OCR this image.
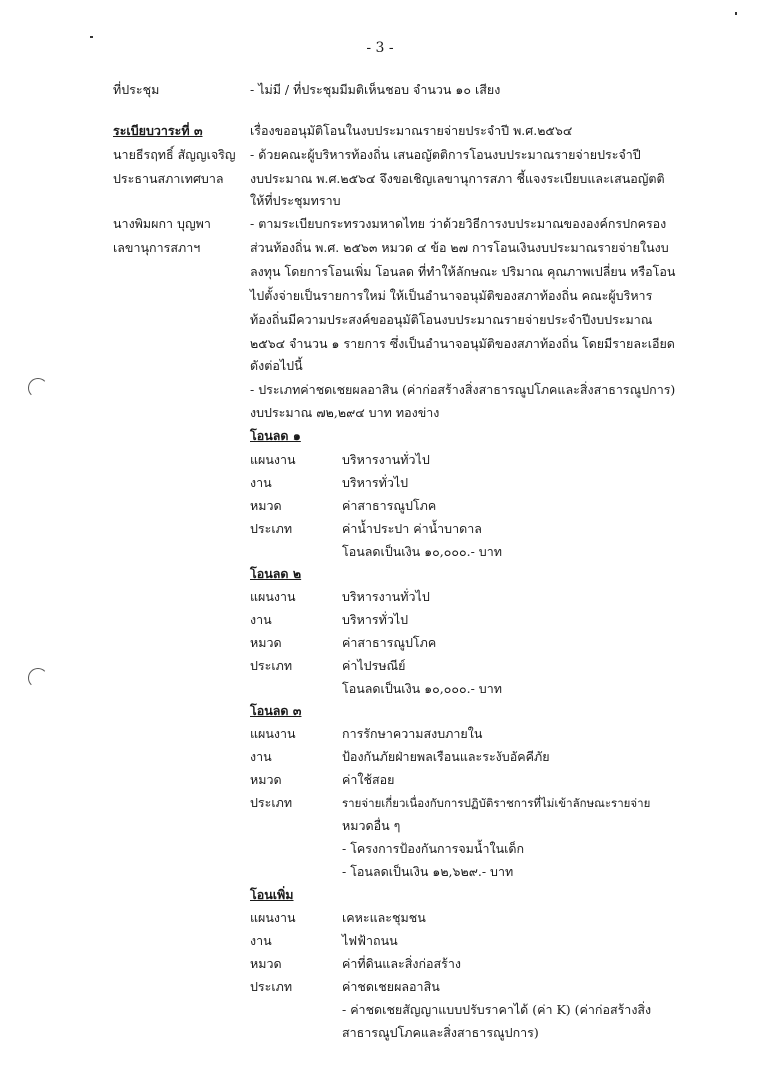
- 3 -
ที่ประชุม	- ไม่มี / ที่ประชุมมีมติเห็นชอบ จำนวน ๑๐ เสียง
ระเบียบวาระที่ ๓	เรื่องขออนุมัติโอนในงบประมาณรายจ่ายประจำปี พ.ศ.๒๕๖๔
นายธีรฤทธิ์ สัญญเจริญ
ประธานสภาเทศบาล
- ด้วยคณะผู้บริหารท้องถิ่น เสนอญัตติการโอนงบประมาณรายจ่ายประจำปี
งบประมาณ พ.ศ.๒๕๖๔ จึงขอเชิญเลขานุการสภา ชี้แจงระเบียบและเสนอญัตติ
ให้ที่ประชุมทราบ
นางพิมผกา บุญพา
เลขานุการสภาฯ
- ตามระเบียบกระทรวงมหาดไทย ว่าด้วยวิธีการงบประมาณขององค์กรปกครอง
ส่วนท้องถิ่น พ.ศ. ๒๕๖๓ หมวด ๔ ข้อ ๒๗ การโอนเงินงบประมาณรายจ่ายในงบ
ลงทุน โดยการโอนเพิ่ม โอนลด ที่ทำให้ลักษณะ ปริมาณ คุณภาพเปลี่ยน หรือโอน
ไปตั้งจ่ายเป็นรายการใหม่ ให้เป็นอำนาจอนุมัติของสภาท้องถิ่น คณะผู้บริหาร
ท้องถิ่นมีความประสงค์ขออนุมัติโอนงบประมาณรายจ่ายประจำปีงบประมาณ
๒๕๖๔ จำนวน ๑ รายการ ซึ่งเป็นอำนาจอนุมัติของสภาท้องถิ่น โดยมีรายละเอียด
ดังต่อไปนี้
- ประเภทค่าชดเชยผลอาสิน (ค่าก่อสร้างสิ่งสาธารณูปโภคและสิ่งสาธารณูปการ)
งบประมาณ ๗๒,๒๙๔ บาท ทองข่าง
โอนลด ๑
แผนงาน	บริหารงานทั่วไป
งาน	บริหารทั่วไป
หมวด	ค่าสาธารณูปโภค
ประเภท	ค่าน้ำประปา ค่าน้ำบาดาล
โอนลดเป็นเงิน ๑๐,๐๐๐.- บาท
โอนลด ๒
แผนงาน	บริหารงานทั่วไป
งาน	บริหารทั่วไป
หมวด	ค่าสาธารณูปโภค
ประเภท	ค่าไปรษณีย์
โอนลดเป็นเงิน ๑๐,๐๐๐.- บาท
โอนลด ๓
แผนงาน	การรักษาความสงบภายใน
งาน	ป้องกันภัยฝ่ายพลเรือนและระงับอัคคีภัย
หมวด	ค่าใช้สอย
ประเภท	รายจ่ายเกี่ยวเนื่องกับการปฏิบัติราชการที่ไม่เข้าลักษณะรายจ่าย
หมวดอื่น ๆ
- โครงการป้องกันการจมน้ำในเด็ก
- โอนลดเป็นเงิน ๑๒,๖๒๙.- บาท
โอนเพิ่ม
แผนงาน	เคหะและชุมชน
งาน	ไฟฟ้าถนน
หมวด	ค่าที่ดินและสิ่งก่อสร้าง
ประเภท	ค่าชดเชยผลอาสิน
- ค่าชดเชยสัญญาแบบปรับราคาได้ (ค่า K) (ค่าก่อสร้างสิ่ง
สาธารณูปโภคและสิ่งสาธารณูปการ)
